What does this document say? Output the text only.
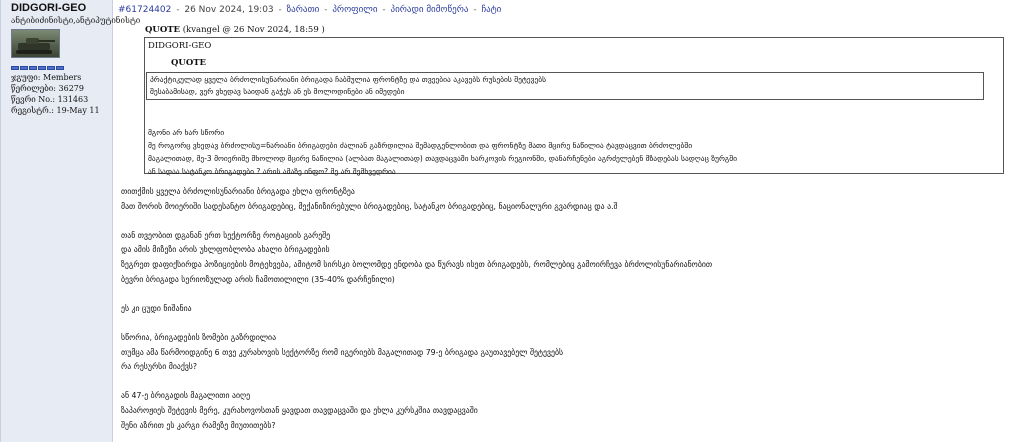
DIDGORI-GEO
ანტიბიძინისტი,ანტიპუტინისტი
ჯგუფი: Members
წერილები: 36279
წევრი No.: 131463
რეგისტრ.: 19-May 11
#61724402 - 26 Nov 2024, 19:03 - ზარათი - პროფილი - პირადი მიმოწერა - ჩატი
QUOTE (kvangel @ 26 Nov 2024, 18:59 )
DIDGORI-GEO
QUOTE
პრაქტიკულად ყველა ბრძოლისუნარიანი ბრიგადა ჩაბმულია ფრონტზე და თვეებია აკავებს რუსების შეტევებს
შესაბამისად, ვერ ვხედავ საიდან გაჭეს ან ეს მოლოდინები ან იმედები
მგონი არ ხარ სწორი
მე როგორც ვხედავ ბრძოლისუ=ნარიანი ბრიგადები ძალიან გაზრდილია შემადგენლობით და ფრონტზე მათი მცირე ნაწილია ტავდაცვით ბრძოლებში
მაგალითად, მე-3 მოიერიშე მხოლოდ მცირე ნაწილია (ალბათ მაგალითად) თავდაცვაში ხარკოვის რეგიონში, დანარჩენები აგრძელებენ მზადებას სადღაც ზურგში
ან სადაა სატანკო ბრიგადები ? არის ამაზე ინფო? მე არ შემხვედრია
თითქმის ყველა ბრძოლისუნარიანი ბრიგადა ეხლა ფრონტზეა
მათ შორის მოიერიში სადესანტო ბრიგადებიც, მექანიზირებული ბრიგადებიც, სატანკო ბრიგადებიც, ნაციონალური გვარდიაც და ა.შ
თან თვეობით დგანან ერთ სექტორზე როტაციის გარეშე
და ამის მიზეზი არის უხლფობლობა ახალი ბრიგადების
ზეგრეთ დაფიქსირდა პოზიციების მოტეხვება, ამიტომ სირსკი ბოლომდე ენდობა და წურავს ისეთ ბრიგადებს, რომლებიც გამოირჩევა ბრძოლისუნარიანობით
ბევრი ბრიგადა სერიოზულად არის ჩამოთილილი (35-40% დარჩენილი)
ეს კი ცუდი ნიშანია
სწორია, ბრიგადების ზომები გაზრდილია
თუმცა ამა წარმოიდგინე 6 თვე კურახოვის სექტორზე რომ იგერიებს მაგალითად 79-ე ბრიგადა გაუთავებელ შეტევებს
რა რესურსი მიაქვს?
ან 47-ე ბრიგადის მაგალითი აიღე
ზაპაროჟიეს შეტევის მერე, კურახოვოსთან ყავდათ თავდაცვაში და ეხლა კურსკშია თავდაცვაში
შენი აზრით ეს კარგი რამეზე მიუთითებს?
